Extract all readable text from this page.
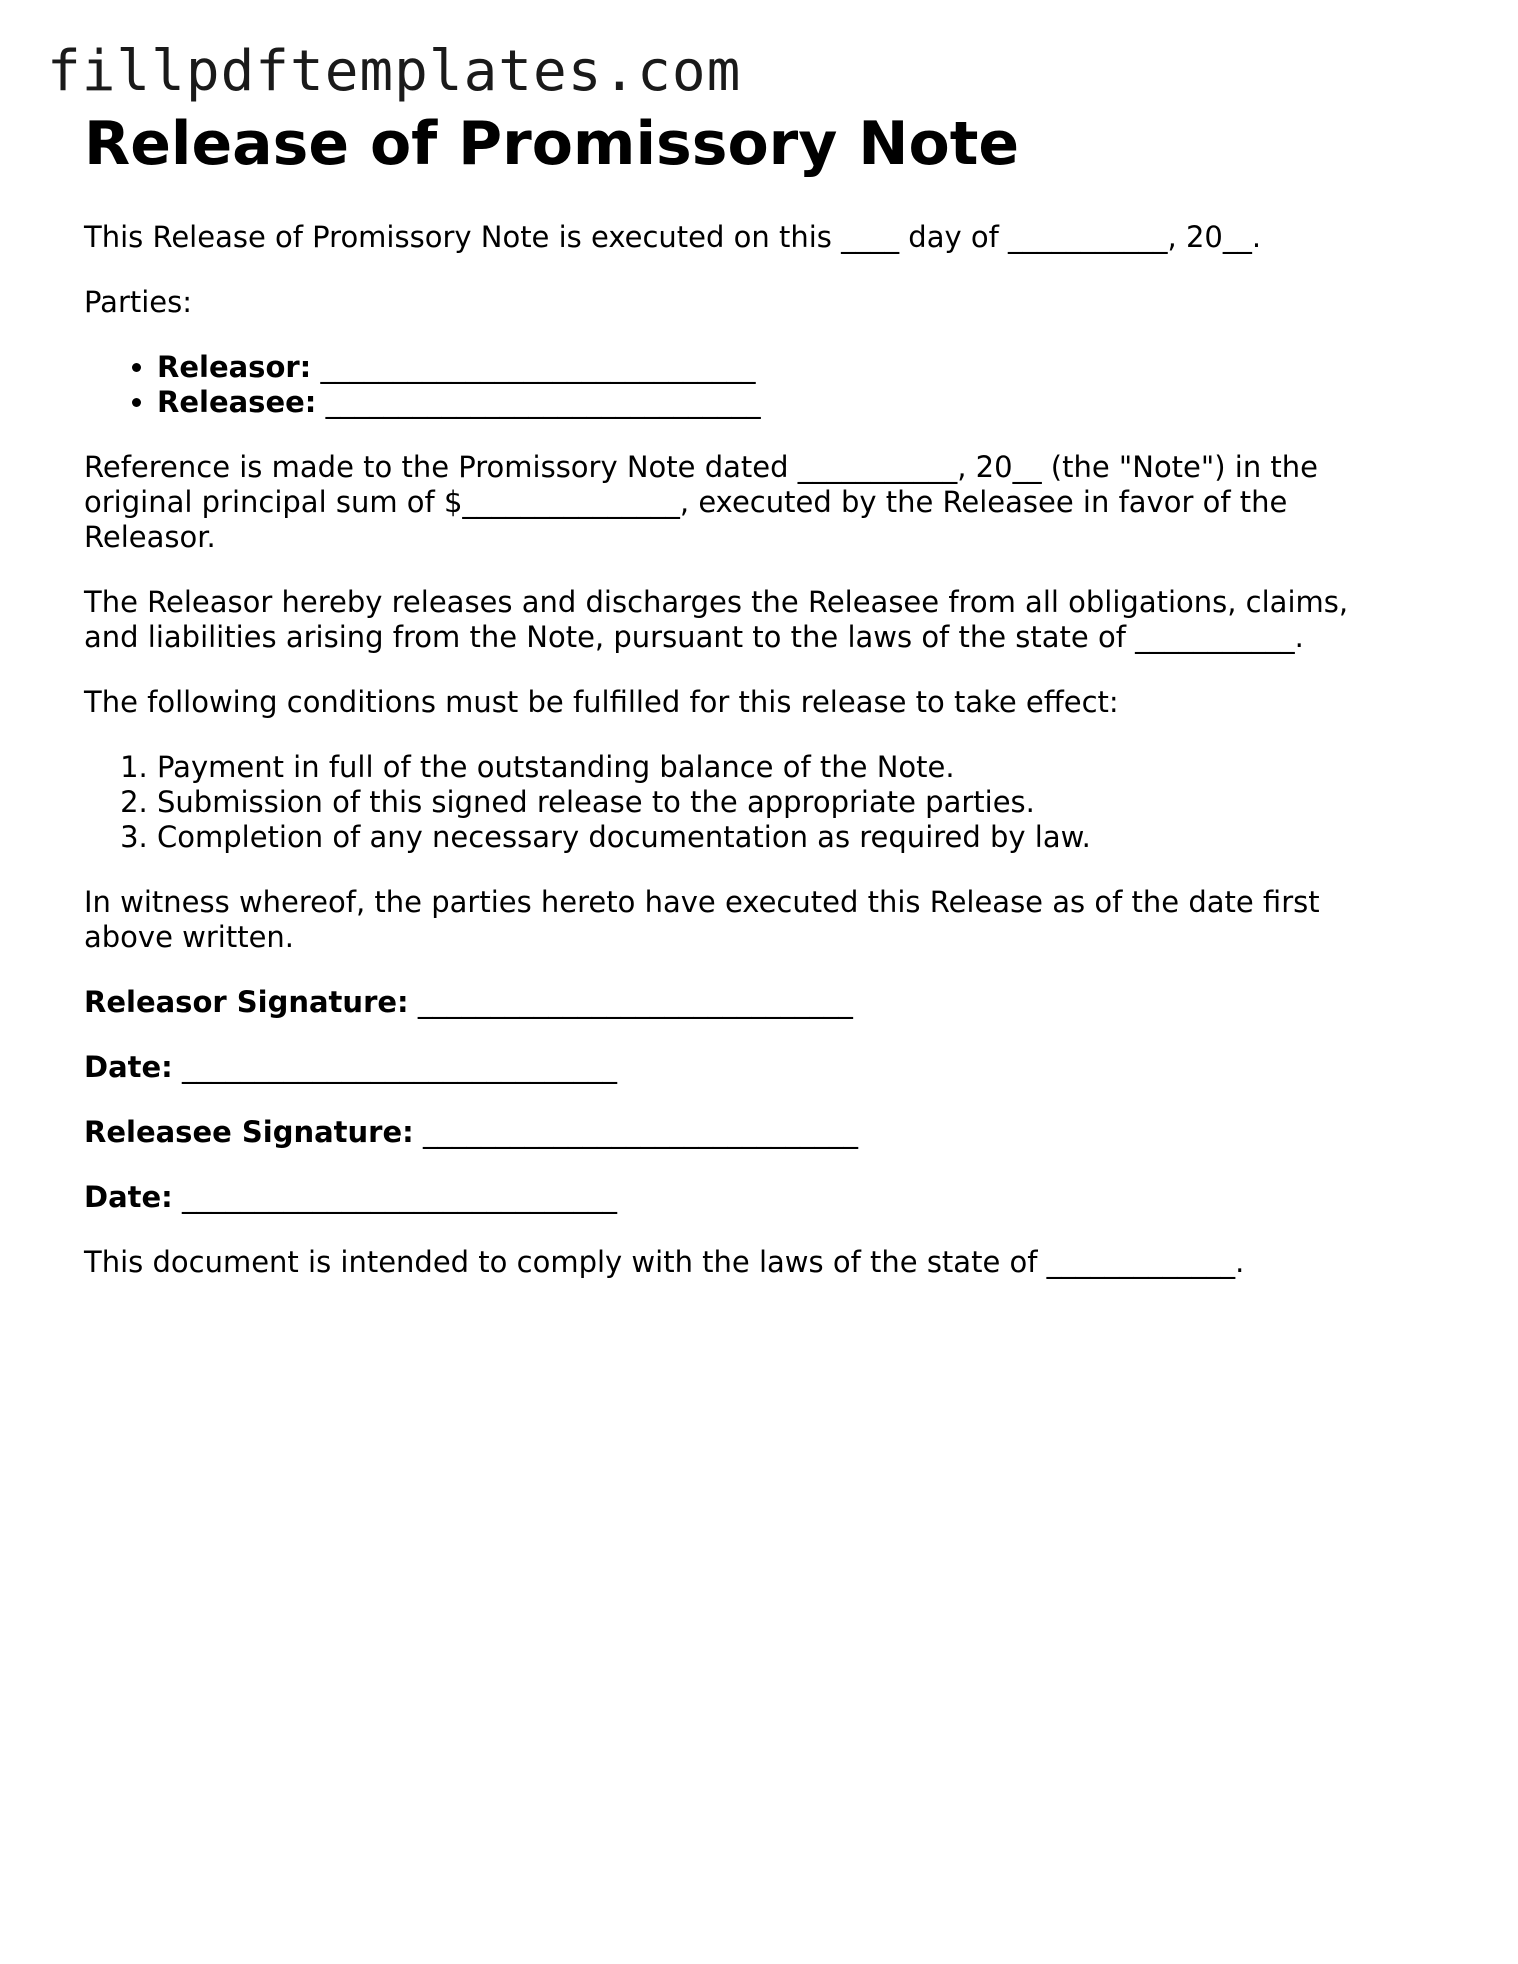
fillpdftemplates.com
Release of Promissory Note

This Release of Promissory Note is executed on this ____ day of ___________, 20__.

Parties:

• Releasor: ______________________________
• Releasee: ______________________________

Reference is made to the Promissory Note dated ___________, 20__ (the "Note") in the original principal sum of $_______________, executed by the Releasee in favor of the Releasor.

The Releasor hereby releases and discharges the Releasee from all obligations, claims, and liabilities arising from the Note, pursuant to the laws of the state of ___________.

The following conditions must be fulfilled for this release to take effect:

1. Payment in full of the outstanding balance of the Note.
2. Submission of this signed release to the appropriate parties.
3. Completion of any necessary documentation as required by law.

In witness whereof, the parties hereto have executed this Release as of the date first above written.

Releasor Signature: ______________________________

Date: ______________________________

Releasee Signature: ______________________________

Date: ______________________________

This document is intended to comply with the laws of the state of _____________.
